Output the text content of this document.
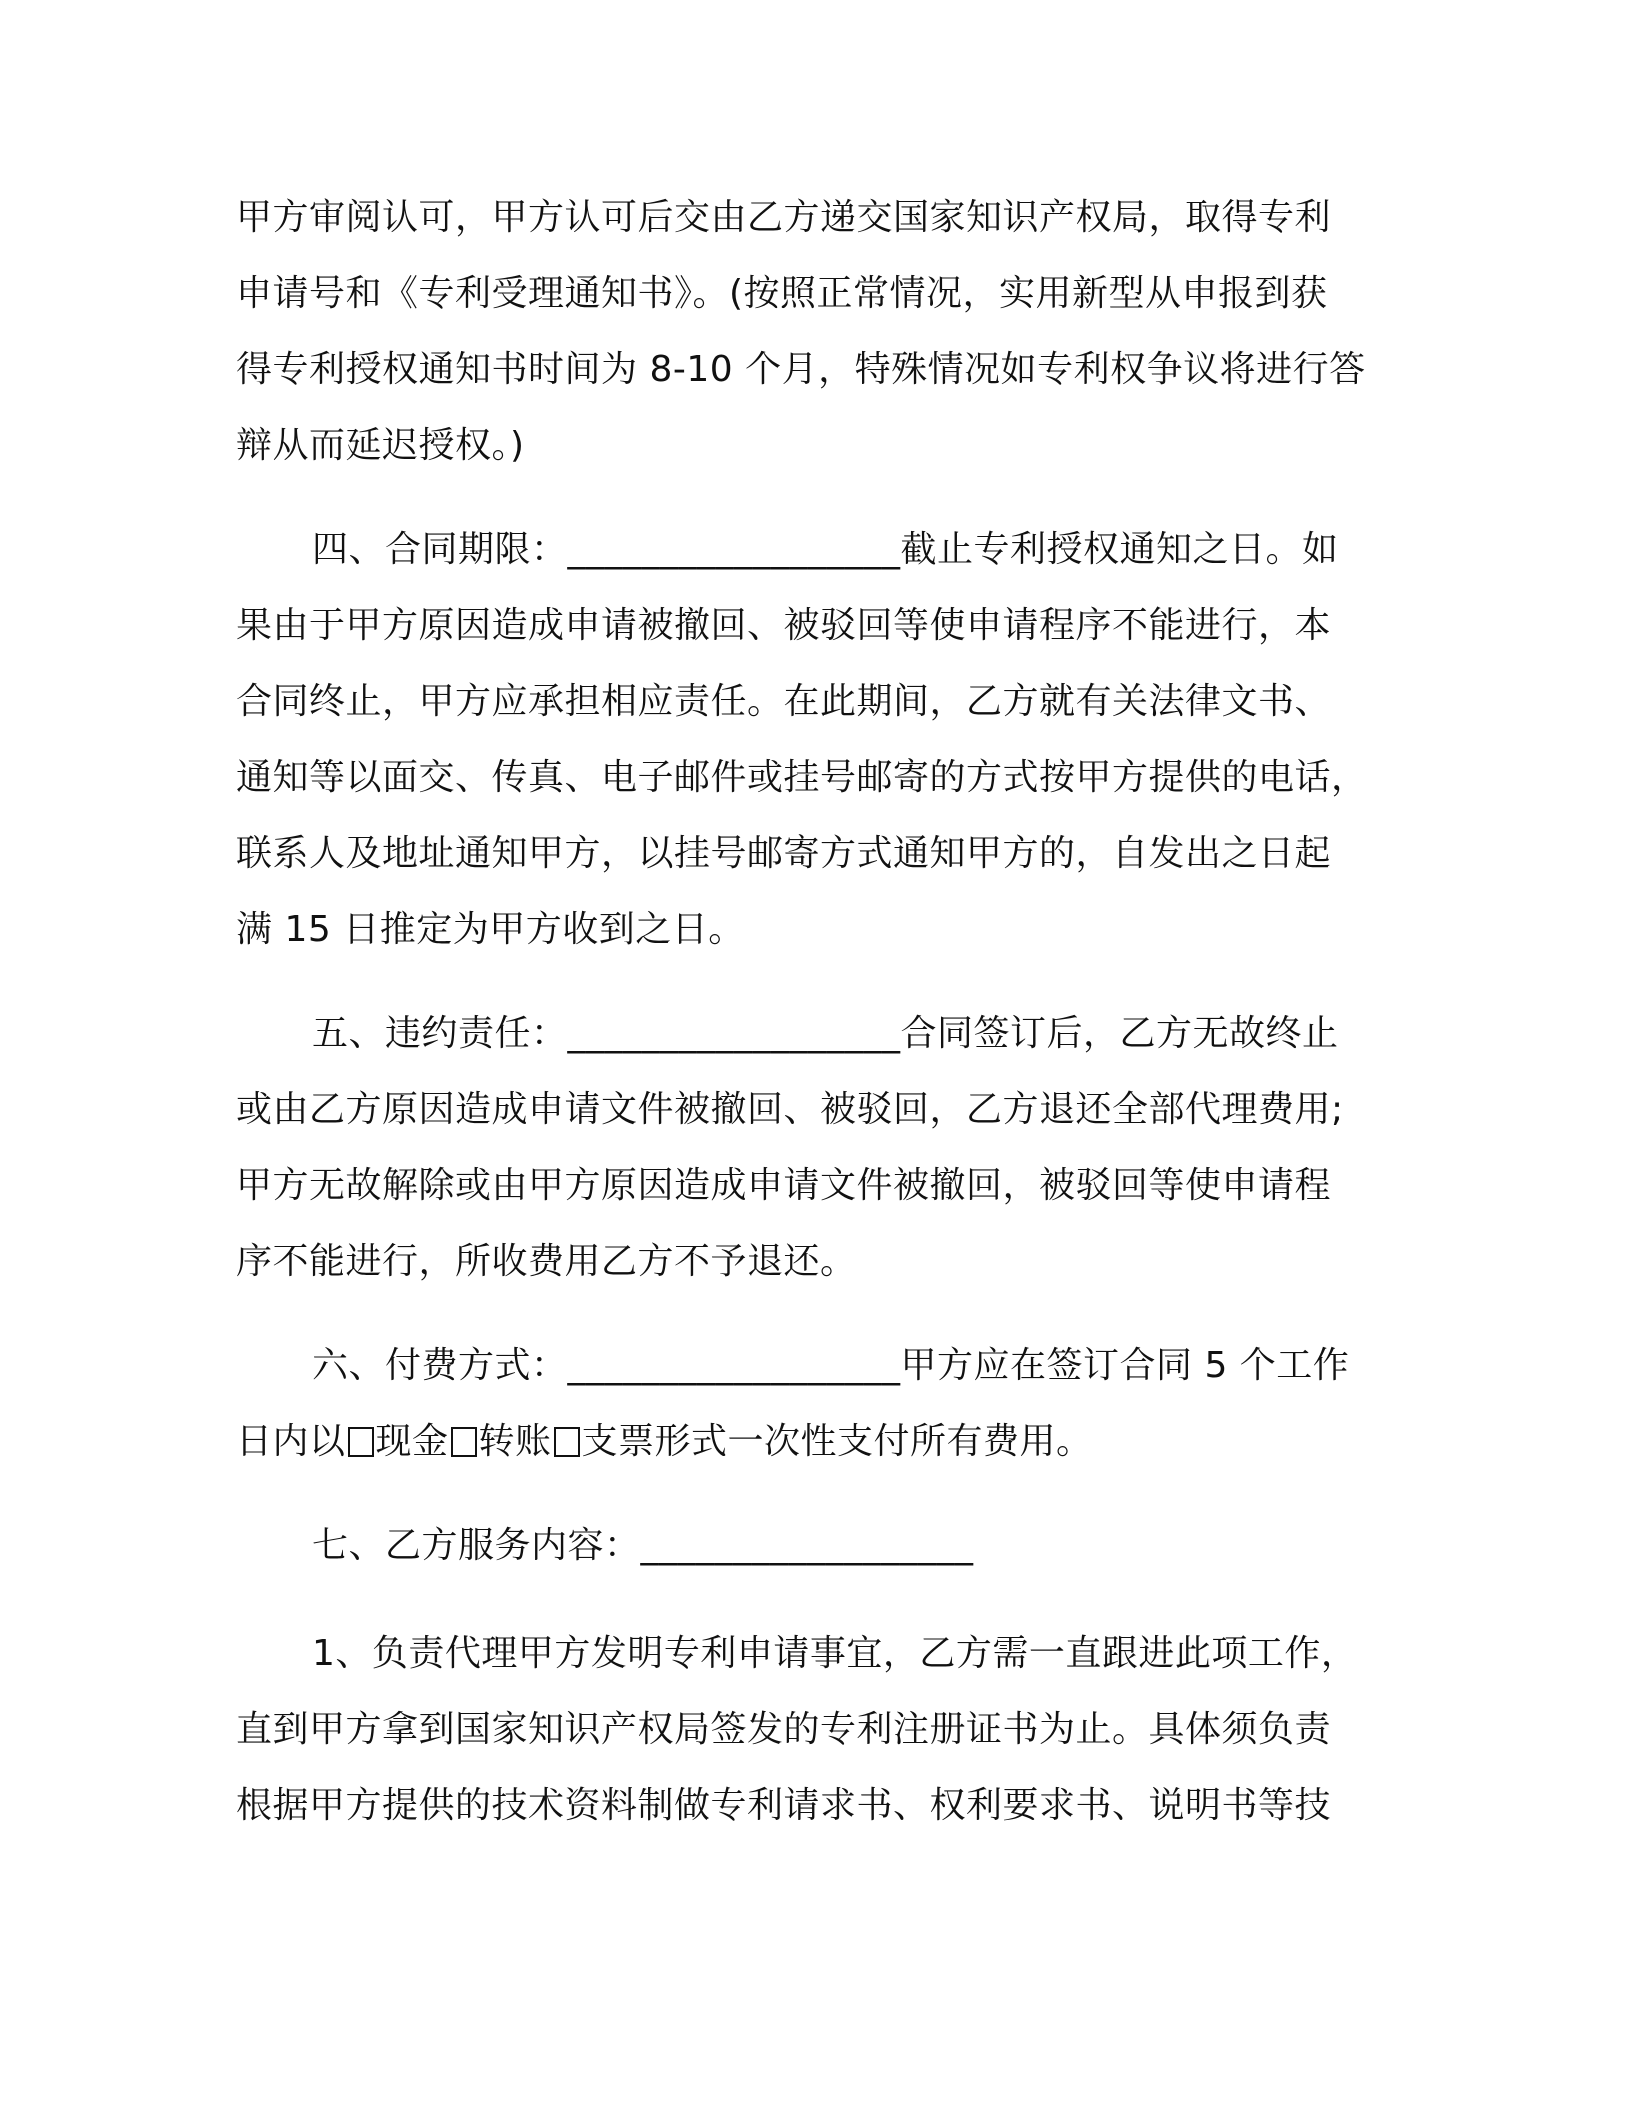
甲方审阅认可，甲方认可后交由乙方递交国家知识产权局，取得专利
申请号和《专利受理通知书》。(按照正常情况，实用新型从申报到获
得专利授权通知书时间为 8-10 个月，特殊情况如专利权争议将进行答
辩从而延迟授权。)
四、合同期限：__________________截止专利授权通知之日。如
果由于甲方原因造成申请被撤回、被驳回等使申请程序不能进行，本
合同终止，甲方应承担相应责任。在此期间，乙方就有关法律文书、
通知等以面交、传真、电子邮件或挂号邮寄的方式按甲方提供的电话，
联系人及地址通知甲方，以挂号邮寄方式通知甲方的，自发出之日起
满 15 日推定为甲方收到之日。
五、违约责任：__________________合同签订后，乙方无故终止
或由乙方原因造成申请文件被撤回、被驳回，乙方退还全部代理费用;
甲方无故解除或由甲方原因造成申请文件被撤回，被驳回等使申请程
序不能进行，所收费用乙方不予退还。
六、付费方式：__________________甲方应在签订合同 5 个工作
日内以 现金 转账 支票形式一次性支付所有费用。
七、乙方服务内容：__________________
1、负责代理甲方发明专利申请事宜，乙方需一直跟进此项工作，
直到甲方拿到国家知识产权局签发的专利注册证书为止。具体须负责
根据甲方提供的技术资料制做专利请求书、权利要求书、说明书等技
